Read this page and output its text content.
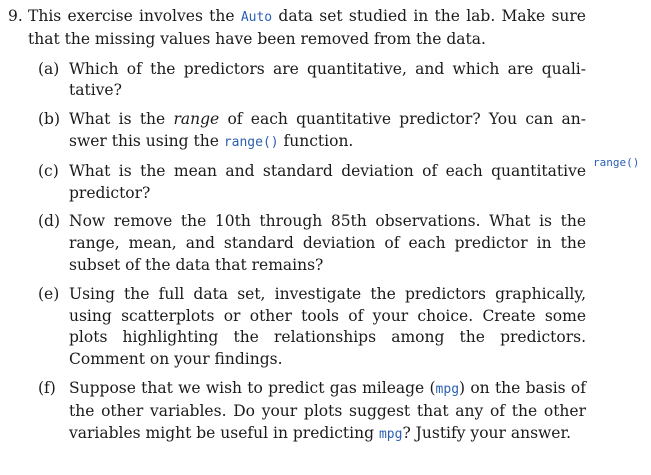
9. This exercise involves the Auto data set studied in the lab. Make sure that the missing values have been removed from the data.
(a) Which of the predictors are quantitative, and which are quali-tative?
(b) What is the range of each quantitative predictor? You can an-swer this using the range() function.
(c) What is the mean and standard deviation of each quantitative predictor?
(d) Now remove the 10th through 85th observations. What is the range, mean, and standard deviation of each predictor in the subset of the data that remains?
(e) Using the full data set, investigate the predictors graphically, using scatterplots or other tools of your choice. Create some plots highlighting the relationships among the predictors. Comment on your findings.
(f) Suppose that we wish to predict gas mileage (mpg) on the basis of the other variables. Do your plots suggest that any of the other variables might be useful in predicting mpg? Justify your answer.
range()
